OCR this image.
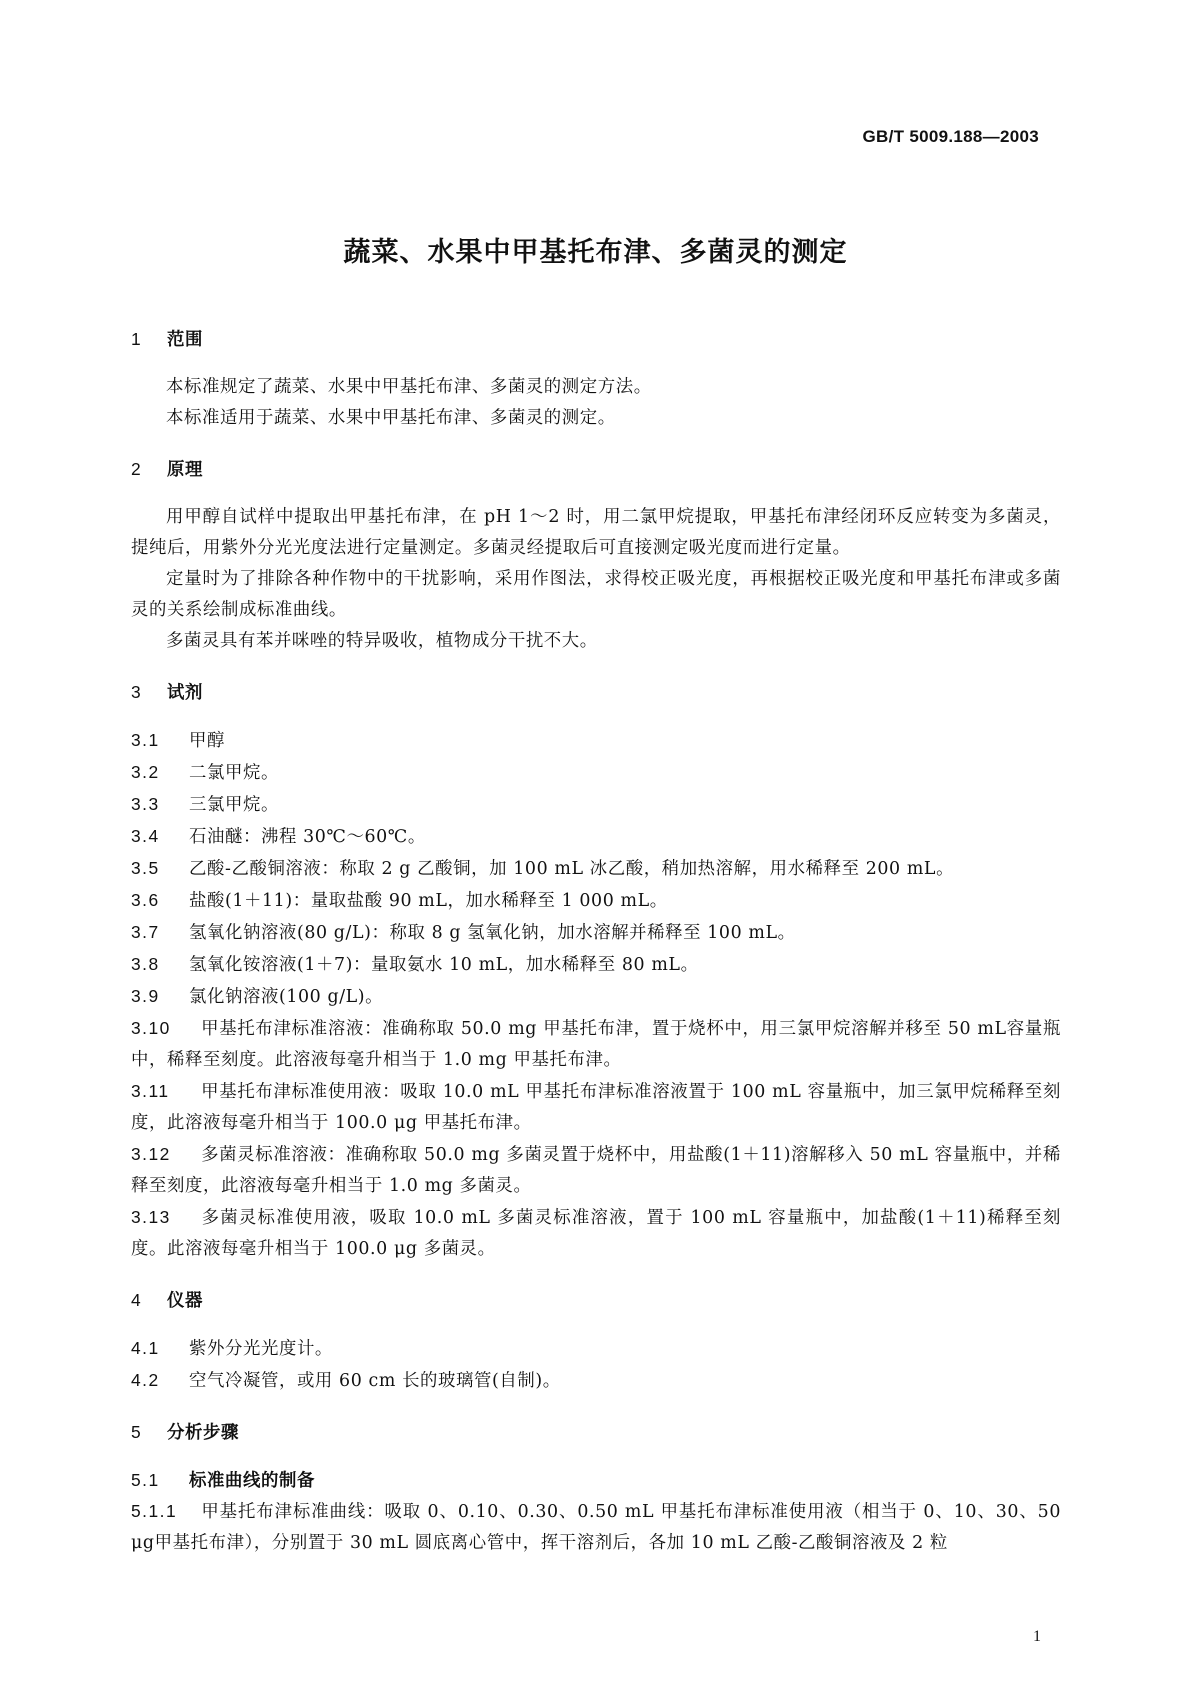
GB/T 5009.188—2003
蔬菜、水果中甲基托布津、多菌灵的测定
1 范围

本标准规定了蔬菜、水果中甲基托布津、多菌灵的测定方法。

本标准适用于蔬菜、水果中甲基托布津、多菌灵的测定。

2 原理

用甲醇自试样中提取出甲基托布津，在 pH 1～2 时，用二氯甲烷提取，甲基托布津经闭环反应转变为多菌灵，提纯后，用紫外分光光度法进行定量测定。多菌灵经提取后可直接测定吸光度而进行定量。

定量时为了排除各种作物中的干扰影响，采用作图法，求得校正吸光度，再根据校正吸光度和甲基托布津或多菌灵的关系绘制成标准曲线。

多菌灵具有苯并咪唑的特异吸收，植物成分干扰不大。

3 试剂

3.1 甲醇

3.2 二氯甲烷。

3.3 三氯甲烷。

3.4 石油醚：沸程 30℃～60℃。

3.5 乙酸-乙酸铜溶液：称取 2 g 乙酸铜，加 100 mL 冰乙酸，稍加热溶解，用水稀释至 200 mL。

3.6 盐酸(1＋11)：量取盐酸 90 mL，加水稀释至 1 000 mL。

3.7 氢氧化钠溶液(80 g/L)：称取 8 g 氢氧化钠，加水溶解并稀释至 100 mL。

3.8 氢氧化铵溶液(1＋7)：量取氨水 10 mL，加水稀释至 80 mL。

3.9 氯化钠溶液(100 g/L)。

3.10 甲基托布津标准溶液：准确称取 50.0 mg 甲基托布津，置于烧杯中，用三氯甲烷溶解并移至 50 mL容量瓶中，稀释至刻度。此溶液每毫升相当于 1.0 mg 甲基托布津。

3.11 甲基托布津标准使用液：吸取 10.0 mL 甲基托布津标准溶液置于 100 mL 容量瓶中，加三氯甲烷稀释至刻度，此溶液每毫升相当于 100.0 μg 甲基托布津。

3.12 多菌灵标准溶液：准确称取 50.0 mg 多菌灵置于烧杯中，用盐酸(1＋11)溶解移入 50 mL 容量瓶中，并稀释至刻度，此溶液每毫升相当于 1.0 mg 多菌灵。

3.13 多菌灵标准使用液，吸取 10.0 mL 多菌灵标准溶液，置于 100 mL 容量瓶中，加盐酸(1＋11)稀释至刻度。此溶液每毫升相当于 100.0 μg 多菌灵。

4 仪器

4.1 紫外分光光度计。

4.2 空气冷凝管，或用 60 cm 长的玻璃管(自制)。

5 分析步骤
5.1 标准曲线的制备

5.1.1 甲基托布津标准曲线：吸取 0、0.10、0.30、0.50 mL 甲基托布津标准使用液（相当于 0、10、30、50 μg甲基托布津），分别置于 30 mL 圆底离心管中，挥干溶剂后，各加 10 mL 乙酸-乙酸铜溶液及 2 粒

1
